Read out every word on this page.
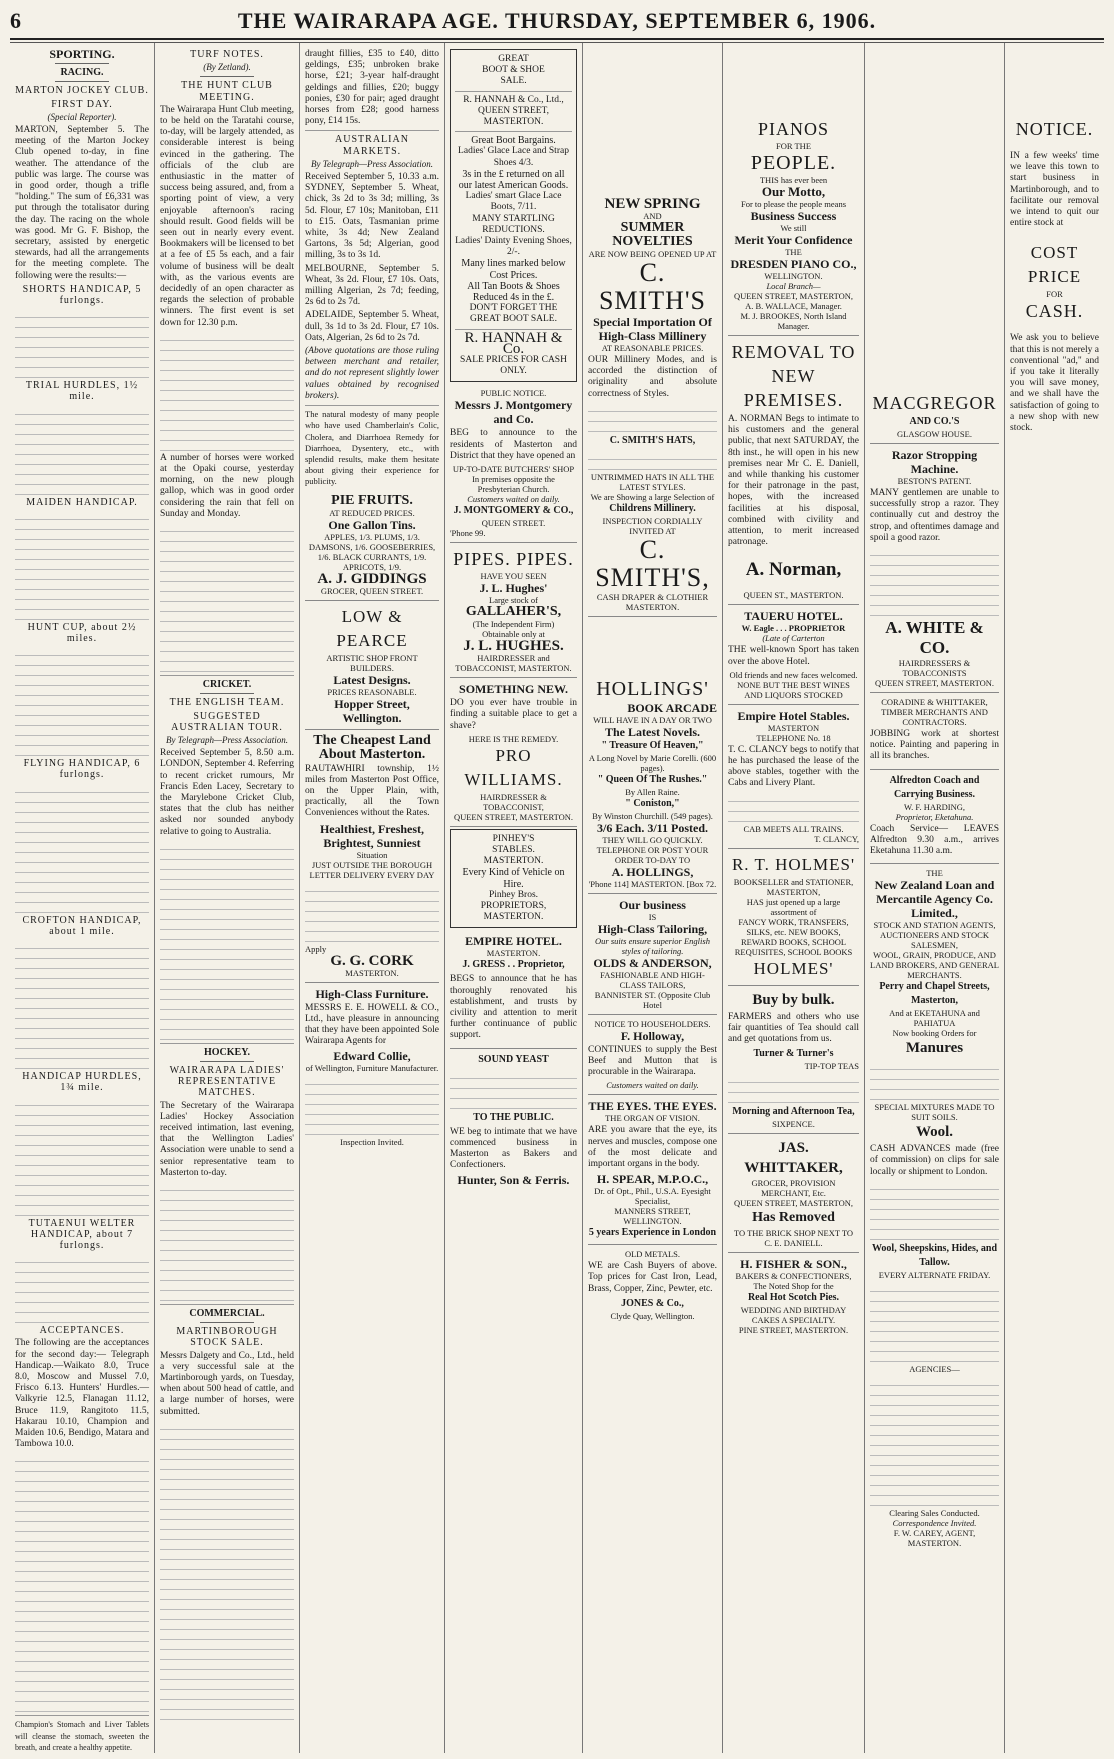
6	THE WAIRARAPA AGE. THURSDAY, SEPTEMBER 6, 1906.
SPORTING.
RACING.
MARTON JOCKEY CLUB.
FIRST DAY.
(Special Reporter).
MARTON, September 5. The meeting of the Marton Jockey Club opened to-day, in fine weather. The attendance of the public was large. The course was in good order, though a trifle "holding." The sum of £6,331 was put through the totalisator during the day. The racing on the whole was good. Mr G. F. Bishop, the secretary, assisted by energetic stewards, had all the arrangements for the meeting complete. The following were the results:—
SHORTS HANDICAP, 5 furlongs.
TRIAL HURDLES, 1½ mile.
MAIDEN HANDICAP.
HUNT CUP, about 2½ miles.
FLYING HANDICAP, 6 furlongs.
CROFTON HANDICAP, about 1 mile.
HANDICAP HURDLES, 1¾ mile.
TUTAENUI WELTER HANDICAP, about 7 furlongs.
ACCEPTANCES.
The following are the acceptances for the second day:— Telegraph Handicap.—Waikato 8.0, Truce 8.0, Moscow and Mussel 7.0, Frisco 6.13. Hunters' Hurdles.—Valkyrie 12.5, Flanagan 11.12, Bruce 11.9, Rangitoto 11.5, Hakarau 10.10, Champion and Maiden 10.6, Bendigo, Matara and Tambowa 10.0.
Champion's Stomach and Liver Tablets will cleanse the stomach, sweeten the breath, and create a healthy appetite.
TURF NOTES.
(By Zetland).
THE HUNT CLUB MEETING.
The Wairarapa Hunt Club meeting, to be held on the Taratahi course, to-day, will be largely attended, as considerable interest is being evinced in the gathering. The officials of the club are enthusiastic in the matter of success being assured, and, from a sporting point of view, a very enjoyable afternoon's racing should result. Good fields will be seen out in nearly every event. Bookmakers will be licensed to bet at a fee of £5 5s each, and a fair volume of business will be dealt with, as the various events are decidedly of an open character as regards the selection of probable winners. The first event is set down for 12.30 p.m.
A number of horses were worked at the Opaki course, yesterday morning, on the new plough gallop, which was in good order considering the rain that fell on Sunday and Monday.
CRICKET.
THE ENGLISH TEAM.
SUGGESTED AUSTRALIAN TOUR.
By Telegraph—Press Association.
Received September 5, 8.50 a.m. LONDON, September 4. Referring to recent cricket rumours, Mr Francis Eden Lacey, Secretary to the Marylebone Cricket Club, states that the club has neither asked nor sounded anybody relative to going to Australia.
HOCKEY.
WAIRARAPA LADIES' REPRESENTATIVE MATCHES.
The Secretary of the Wairarapa Ladies' Hockey Association received intimation, last evening, that the Wellington Ladies' Association were unable to send a senior representative team to Masterton to-day.
COMMERCIAL.
MARTINBOROUGH STOCK SALE.
Messrs Dalgety and Co., Ltd., held a very successful sale at the Martinborough yards, on Tuesday, when about 500 head of cattle, and a large number of horses, were submitted.
draught fillies, £35 to £40, ditto geldings, £35; unbroken brake horse, £21; 3-year half-draught geldings and fillies, £20; buggy ponies, £30 for pair; aged draught horses from £28; good harness pony, £14 15s.
AUSTRALIAN MARKETS.
By Telegraph—Press Association.
Received September 5, 10.33 a.m. SYDNEY, September 5. Wheat, chick, 3s 2d to 3s 3d; milling, 3s 5d. Flour, £7 10s; Manitoban, £11 to £15. Oats, Tasmanian prime white, 3s 4d; New Zealand Gartons, 3s 5d; Algerian, good milling, 3s to 3s 1d.
MELBOURNE, September 5. Wheat, 3s 2d. Flour, £7 10s. Oats, milling Algerian, 2s 7d; feeding, 2s 6d to 2s 7d.
ADELAIDE, September 5. Wheat, dull, 3s 1d to 3s 2d. Flour, £7 10s. Oats, Algerian, 2s 6d to 2s 7d.
(Above quotations are those ruling between merchant and retailer, and do not represent slightly lower values obtained by recognised brokers).
The natural modesty of many people who have used Chamberlain's Colic, Cholera, and Diarrhoea Remedy for Diarrhoea, Dysentery, etc., with splendid results, make them hesitate about giving their experience for publicity.
PIE FRUITS.
AT REDUCED PRICES.
One Gallon Tins.
APPLES, 1/3. PLUMS, 1/3. DAMSONS, 1/6. GOOSEBERRIES, 1/6. BLACK CURRANTS, 1/9. APRICOTS, 1/9.
A. J. GIDDINGS
GROCER, QUEEN STREET.
LOW & PEARCE
ARTISTIC SHOP FRONT BUILDERS.
Latest Designs.
PRICES REASONABLE.
Hopper Street, Wellington.
The Cheapest Land About Masterton.
RAUTAWHIRI township, 1½ miles from Masterton Post Office, on the Upper Plain, with, practically, all the Town Conveniences without the Rates.
Healthiest, Freshest, Brightest, Sunniest
Situation
JUST OUTSIDE THE BOROUGH
LETTER DELIVERY EVERY DAY
Apply
G. G. CORK
MASTERTON.
High-Class Furniture.
MESSRS E. E. HOWELL & CO., Ltd., have pleasure in announcing that they have been appointed Sole Wairarapa Agents for
Edward Collie,
of Wellington, Furniture Manufacturer.
Inspection Invited.
GREAT
BOOT & SHOE
SALE.
R. HANNAH & Co., Ltd.,
QUEEN STREET, MASTERTON.
Great Boot Bargains.
Ladies' Glace Lace and Strap Shoes 4/3.
3s in the £ returned on all our latest American Goods.
Ladies' smart Glace Lace Boots, 7/11.
MANY STARTLING REDUCTIONS.
Ladies' Dainty Evening Shoes, 2/-.
Many lines marked below Cost Prices.
All Tan Boots & Shoes Reduced 4s in the £.
DON'T FORGET THE GREAT BOOT SALE.
R. HANNAH & Co.
SALE PRICES FOR CASH ONLY.
PUBLIC NOTICE.
Messrs J. Montgomery and Co.
BEG to announce to the residents of Masterton and District that they have opened an
UP-TO-DATE BUTCHERS' SHOP
In premises opposite the Presbyterian Church.
Customers waited on daily.
J. MONTGOMERY & CO.,
QUEEN STREET.
'Phone 99.
PIPES. PIPES.
HAVE YOU SEEN
J. L. Hughes'
Large stock of
GALLAHER'S,
(The Independent Firm)
Obtainable only at
J. L. HUGHES.
HAIRDRESSER and TOBACCONIST, MASTERTON.
SOMETHING NEW.
DO you ever have trouble in finding a suitable place to get a shave?
HERE IS THE REMEDY.
PRO WILLIAMS.
HAIRDRESSER & TOBACCONIST,
QUEEN STREET, MASTERTON.
PINHEY'S
STABLES.
MASTERTON.
Every Kind of Vehicle on Hire.
Pinhey Bros.
PROPRIETORS, MASTERTON.
EMPIRE HOTEL.
MASTERTON.
J. GRESS . . Proprietor,
BEGS to announce that he has thoroughly renovated his establishment, and trusts by civility and attention to merit further continuance of public support.
SOUND YEAST
TO THE PUBLIC.
WE beg to intimate that we have commenced business in Masterton as Bakers and Confectioners.
Hunter, Son & Ferris.
NEW SPRING
AND
SUMMER NOVELTIES
ARE NOW BEING OPENED UP AT
C. SMITH'S
Special Importation Of High-Class Millinery
AT REASONABLE PRICES.
OUR Millinery Modes, and is accorded the distinction of originality and absolute correctness of Styles.
C. SMITH'S HATS,
UNTRIMMED HATS IN ALL THE LATEST STYLES.
We are Showing a large Selection of
Childrens Millinery.
INSPECTION CORDIALLY INVITED AT
C. SMITH'S,
CASH DRAPER & CLOTHIER MASTERTON.
HOLLINGS'
BOOK ARCADE
WILL HAVE IN A DAY OR TWO
The Latest Novels.
" Treasure Of Heaven,"
A Long Novel by Marie Corelli. (600 pages).
" Queen Of The Rushes."
By Allen Raine.
" Coniston,"
By Winston Churchill. (549 pages).
3/6 Each. 3/11 Posted.
THEY WILL GO QUICKLY.
TELEPHONE OR POST YOUR ORDER TO-DAY TO
A. HOLLINGS,
'Phone 114] MASTERTON. [Box 72.
Our business
IS
High-Class Tailoring,
Our suits ensure superior English styles of tailoring.
OLDS & ANDERSON,
FASHIONABLE AND HIGH-CLASS TAILORS,
BANNISTER ST. (Opposite Club Hotel
NOTICE TO HOUSEHOLDERS.
F. Holloway,
CONTINUES to supply the Best Beef and Mutton that is procurable in the Wairarapa.
Customers waited on daily.
THE EYES. THE EYES.
THE ORGAN OF VISION.
ARE you aware that the eye, its nerves and muscles, compose one of the most delicate and important organs in the body.
H. SPEAR, M.P.O.C.,
Dr. of Opt., Phil., U.S.A. Eyesight Specialist,
MANNERS STREET, WELLINGTON.
5 years Experience in London
OLD METALS.
WE are Cash Buyers of above. Top prices for Cast Iron, Lead, Brass, Copper, Zinc, Pewter, etc.
JONES & Co.,
Clyde Quay, Wellington.
PIANOS
FOR THE
PEOPLE.
THIS has ever been
Our Motto,
For to please the people means
Business Success
We still
Merit Your Confidence
THE
DRESDEN PIANO CO.,
WELLINGTON.
Local Branch—
QUEEN STREET, MASTERTON,
A. B. WALLACE, Manager.
M. J. BROOKES, North Island Manager.
REMOVAL TO
NEW PREMISES.
A. NORMAN Begs to intimate to his customers and the general public, that next SATURDAY, the 8th inst., he will open in his new premises near Mr C. E. Daniell, and while thanking his customer for their patronage in the past, hopes, with the increased facilities at his disposal, combined with civility and attention, to merit increased patronage.
A. Norman,
QUEEN ST., MASTERTON.
TAUERU HOTEL.
W. Eagle . . . PROPRIETOR
(Late of Carterton
THE well-known Sport has taken over the above Hotel.
Old friends and new faces welcomed.
NONE BUT THE BEST WINES AND LIQUORS STOCKED
Empire Hotel Stables.
MASTERTON
TELEPHONE No. 18
T. C. CLANCY begs to notify that he has purchased the lease of the above stables, together with the Cabs and Livery Plant.
CAB MEETS ALL TRAINS.
T. CLANCY,
R. T. HOLMES'
BOOKSELLER and STATIONER,
MASTERTON,
HAS just opened up a large assortment of
FANCY WORK, TRANSFERS, SILKS, etc. NEW BOOKS, REWARD BOOKS, SCHOOL REQUISITES, SCHOOL BOOKS
HOLMES'
Buy by bulk.
FARMERS and others who use fair quantities of Tea should call and get quotations from us.
Turner & Turner's
TIP-TOP TEAS
Morning and Afternoon Tea,
SIXPENCE.
JAS. WHITTAKER,
GROCER, PROVISION MERCHANT, Etc.
QUEEN STREET, MASTERTON,
Has Removed
TO THE BRICK SHOP NEXT TO
C. E. DANIELL.
H. FISHER & SON.,
BAKERS & CONFECTIONERS,
The Noted Shop for the
Real Hot Scotch Pies.
WEDDING AND BIRTHDAY CAKES A SPECIALTY.
PINE STREET, MASTERTON.
MACGREGOR
AND CO.'S
GLASGOW HOUSE.
Razor Stropping Machine.
BESTON'S PATENT.
MANY gentlemen are unable to successfully strop a razor. They continually cut and destroy the strop, and oftentimes damage and spoil a good razor.
A. WHITE & CO.
HAIRDRESSERS & TOBACCONISTS
QUEEN STREET, MASTERTON.
CORADINE & WHITTAKER,
TIMBER MERCHANTS AND CONTRACTORS.
JOBBING work at shortest notice. Painting and papering in all its branches.
Alfredton Coach and Carrying Business.
W. F. HARDING,
Proprietor, Eketahuna.
Coach Service— LEAVES Alfredton 9.30 a.m., arrives Eketahuna 11.30 a.m.
THE
New Zealand Loan and Mercantile Agency Co. Limited.,
STOCK AND STATION AGENTS, AUCTIONEERS AND STOCK SALESMEN,
WOOL, GRAIN, PRODUCE, AND LAND BROKERS, AND GENERAL MERCHANTS.
Perry and Chapel Streets, Masterton,
And at EKETAHUNA and PAHIATUA
Now booking Orders for
Manures
SPECIAL MIXTURES MADE TO SUIT SOILS.
Wool.
CASH ADVANCES made (free of commission) on clips for sale locally or shipment to London.
Wool, Sheepskins, Hides, and Tallow.
EVERY ALTERNATE FRIDAY.
AGENCIES—
Clearing Sales Conducted.
Correspondence Invited.
F. W. CAREY, AGENT, MASTERTON.
NOTICE.
IN a few weeks' time we leave this town to start business in Martinborough, and to facilitate our removal we intend to quit our entire stock at
COST PRICE
FOR
CASH.
We ask you to believe that this is not merely a conventional "ad," and if you take it literally you will save money, and we shall have the satisfaction of going to a new shop with new stock.
